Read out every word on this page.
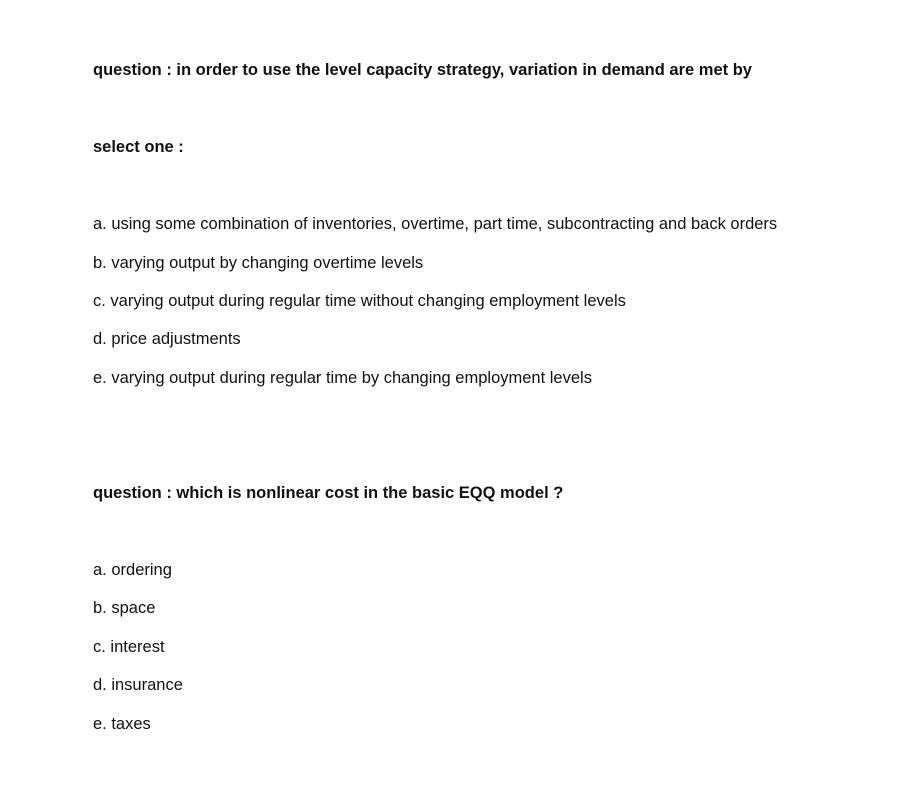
question : in order to use the level capacity strategy, variation in demand are met by
select one :
a. using some combination of inventories, overtime, part time, subcontracting and back orders
b. varying output by changing overtime levels
c. varying output during regular time without changing employment levels
d. price adjustments
e. varying output during regular time by changing employment levels
question : which is nonlinear cost in the basic EQQ model ?
a. ordering
b. space
c. interest
d. insurance
e. taxes
